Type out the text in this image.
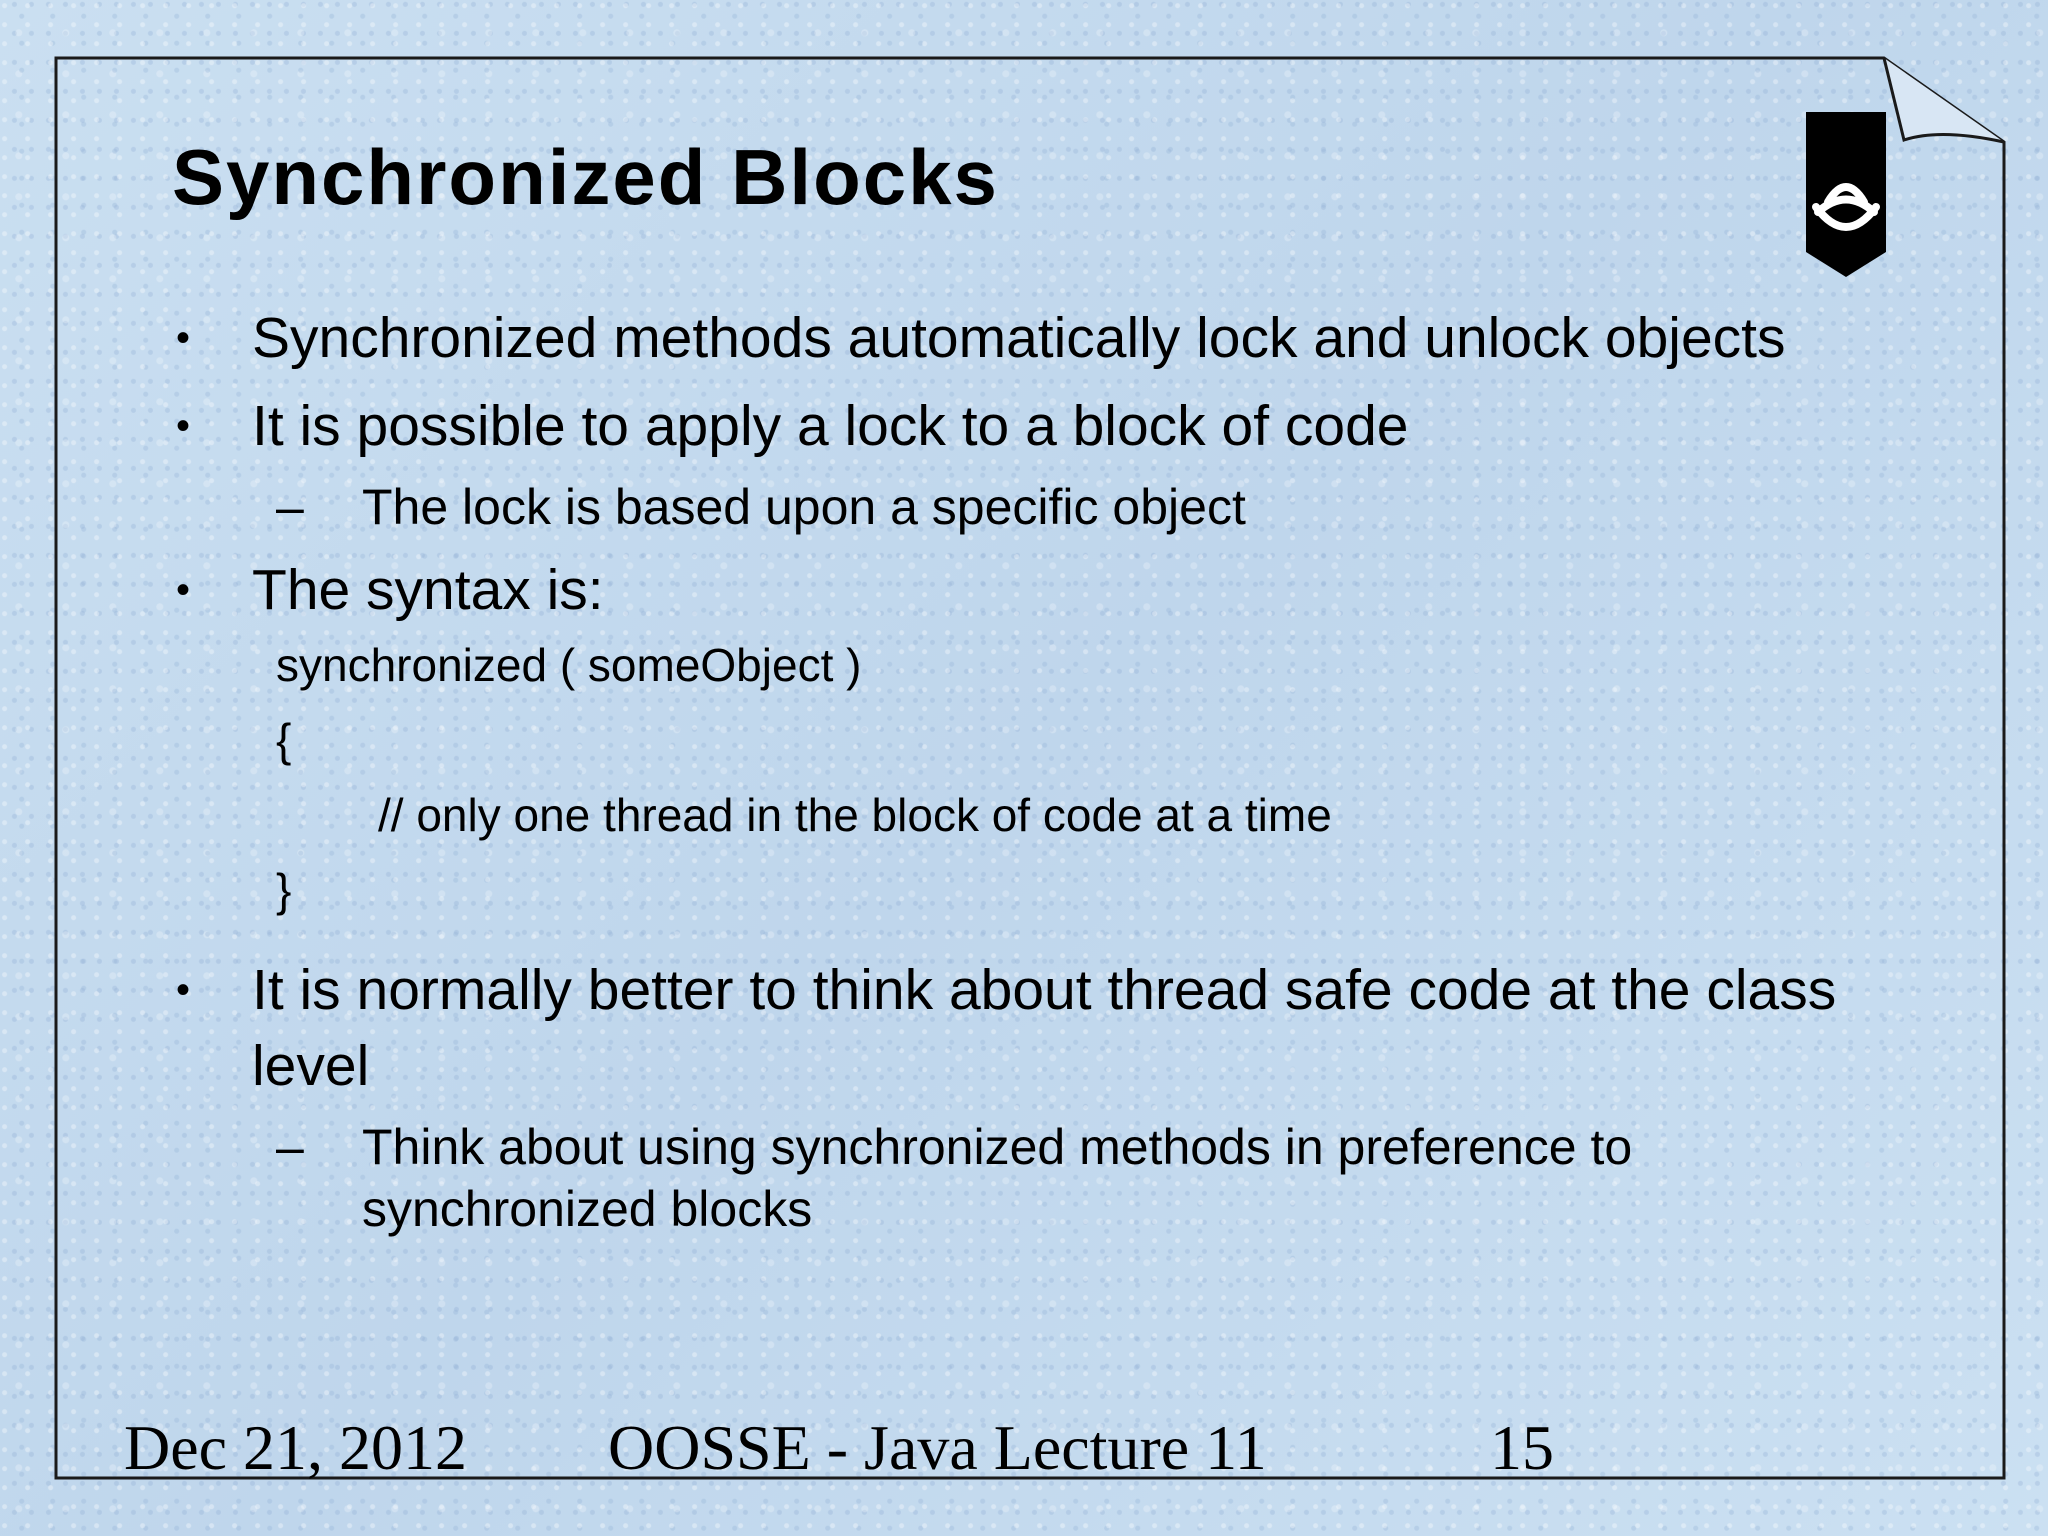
Synchronized Blocks
•	Synchronized methods automatically lock and unlock objects
•	It is possible to apply a lock to a block of code
–	The lock is based upon a specific object
•	The syntax is:
synchronized ( someObject )
{
// only one thread in the block of code at a time
}
•	It is normally better to think about thread safe code at the class level
–	Think about using synchronized methods in preference to synchronized blocks
Dec 21, 2012 OOSSE - Java Lecture 11	15
